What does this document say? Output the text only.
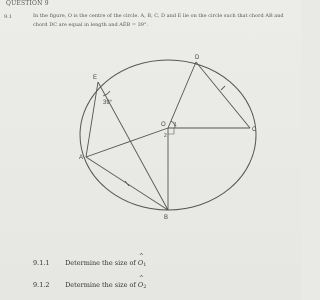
QUESTION 9
9.1	In the figure, O is the centre of the circle. A, B, C, D and E lie on the circle such that chord AB and chord DC are equal in length and AÊB = 39°.
E
A
B
C
D
O
39°
1
2
9.1.1 Determine the size of ^ O1
9.1.2 Determine the size of ^ O2
